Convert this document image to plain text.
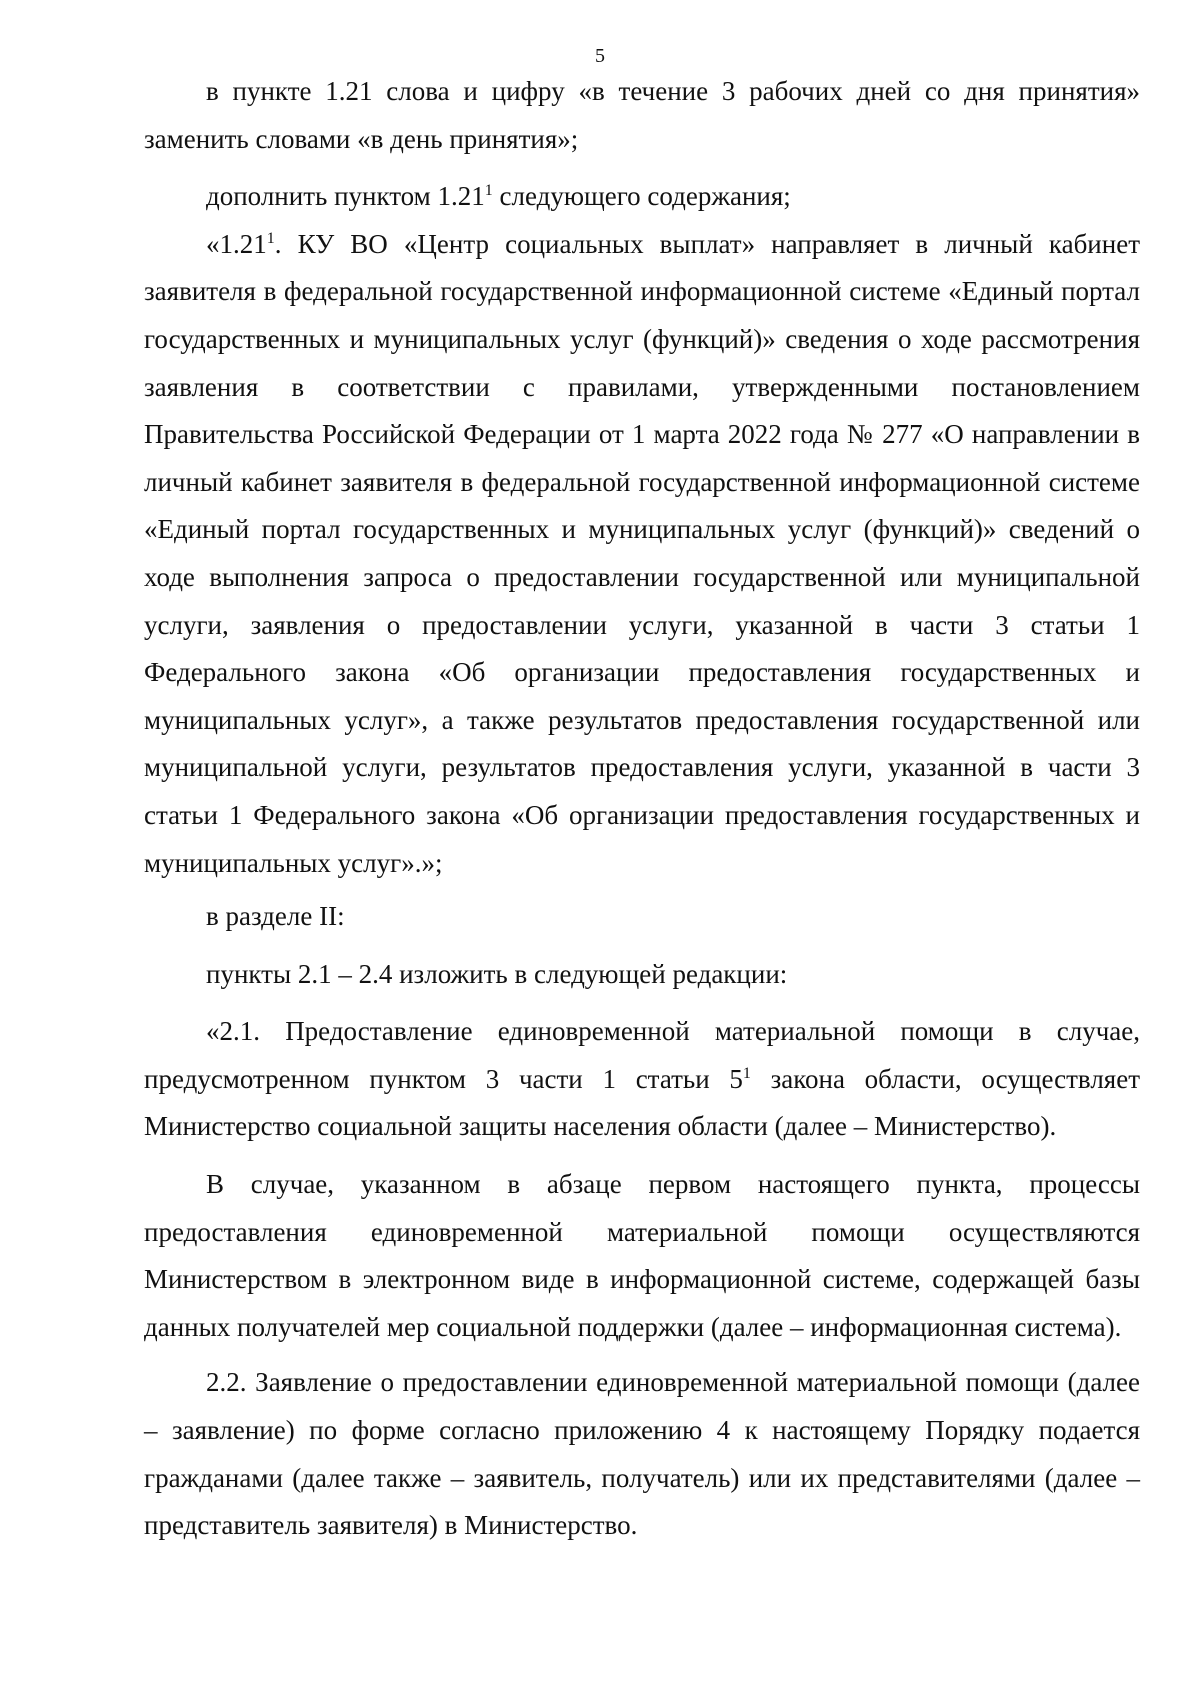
5

в пункте 1.21 слова и цифру «в течение 3 рабочих дней со дня принятия» заменить словами «в день принятия»;

дополнить пунктом 1.21$^1$ следующего содержания;

«1.21$^1$. КУ ВО «Центр социальных выплат» направляет в личный кабинет заявителя в федеральной государственной информационной системе «Единый портал государственных и муниципальных услуг (функций)» сведения о ходе рассмотрения заявления в соответствии с правилами, утвержденными постановлением Правительства Российской Федерации от 1 марта 2022 года № 277 «О направлении в личный кабинет заявителя в федеральной государственной информационной системе «Единый портал государственных и муниципальных услуг (функций)» сведений о ходе выполнения запроса о предоставлении государственной или муниципальной услуги, заявления о предоставлении услуги, указанной в части 3 статьи 1 Федерального закона «Об организации предоставления государственных и муниципальных услуг», а также результатов предоставления государственной или муниципальной услуги, результатов предоставления услуги, указанной в части 3 статьи 1 Федерального закона «Об организации предоставления государственных и муниципальных услуг».»;

в разделе II:

пункты 2.1 – 2.4 изложить в следующей редакции:

«2.1. Предоставление единовременной материальной помощи в случае, предусмотренном пунктом 3 части 1 статьи $5^1$ закона области, осуществляет Министерство социальной защиты населения области (далее – Министерство).

В случае, указанном в абзаце первом настоящего пункта, процессы предоставления единовременной материальной помощи осуществляются Министерством в электронном виде в информационной системе, содержащей базы данных получателей мер социальной поддержки (далее – информационная система).

2.2. Заявление о предоставлении единовременной материальной помощи (далее – заявление) по форме согласно приложению 4 к настоящему Порядку подается гражданами (далее также – заявитель, получатель) или их представителями (далее – представитель заявителя) в Министерство.
